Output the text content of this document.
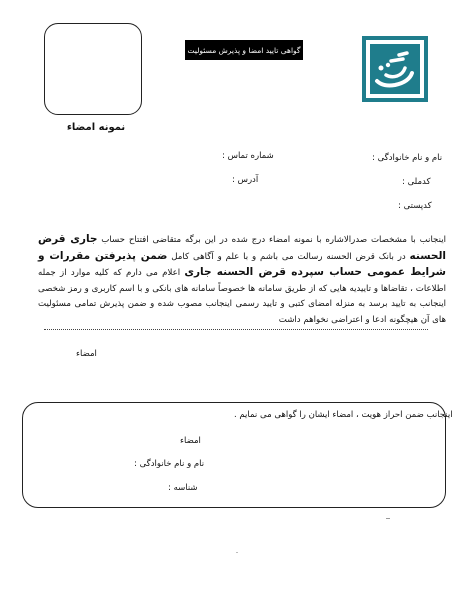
نمونه امضاء
گواهی تایید امضا و پذیرش مسئولیت
نام و نام خانوادگی :
شماره تماس :
کدملی :
آدرس :
کدپستی :
اینجانب با مشخصات صدرالاشاره با نمونه امضاء درج شده در این برگه متقاضی افتتاح حساب جاری قرض الحسنه در بانک قرض الحسنه رسالت می باشم و با علم و آگاهی کامل ضمن پذیرفتن مقررات و شرایط عمومی حساب سپرده قرض الحسنه جاری اعلام می دارم که کلیه موارد از جمله اطلاعات ، تقاضاها و تاییدیه هایی که از طریق سامانه ها خصوصاً سامانه های بانکی و با اسم کاربری و رمز شخصی اینجانب به تایید برسد به منزله امضای کتبی و تایید رسمی اینجانب مصوب شده و ضمن پذیرش تمامی مسئولیت های آن هیچگونه ادعا و اعتراضی نخواهم داشت
امضاء
اینجانب ضمن احراز هویت ، امضاء ایشان را گواهی می نمایم .
امضاء
نام و نام خانوادگی :
شناسه :
